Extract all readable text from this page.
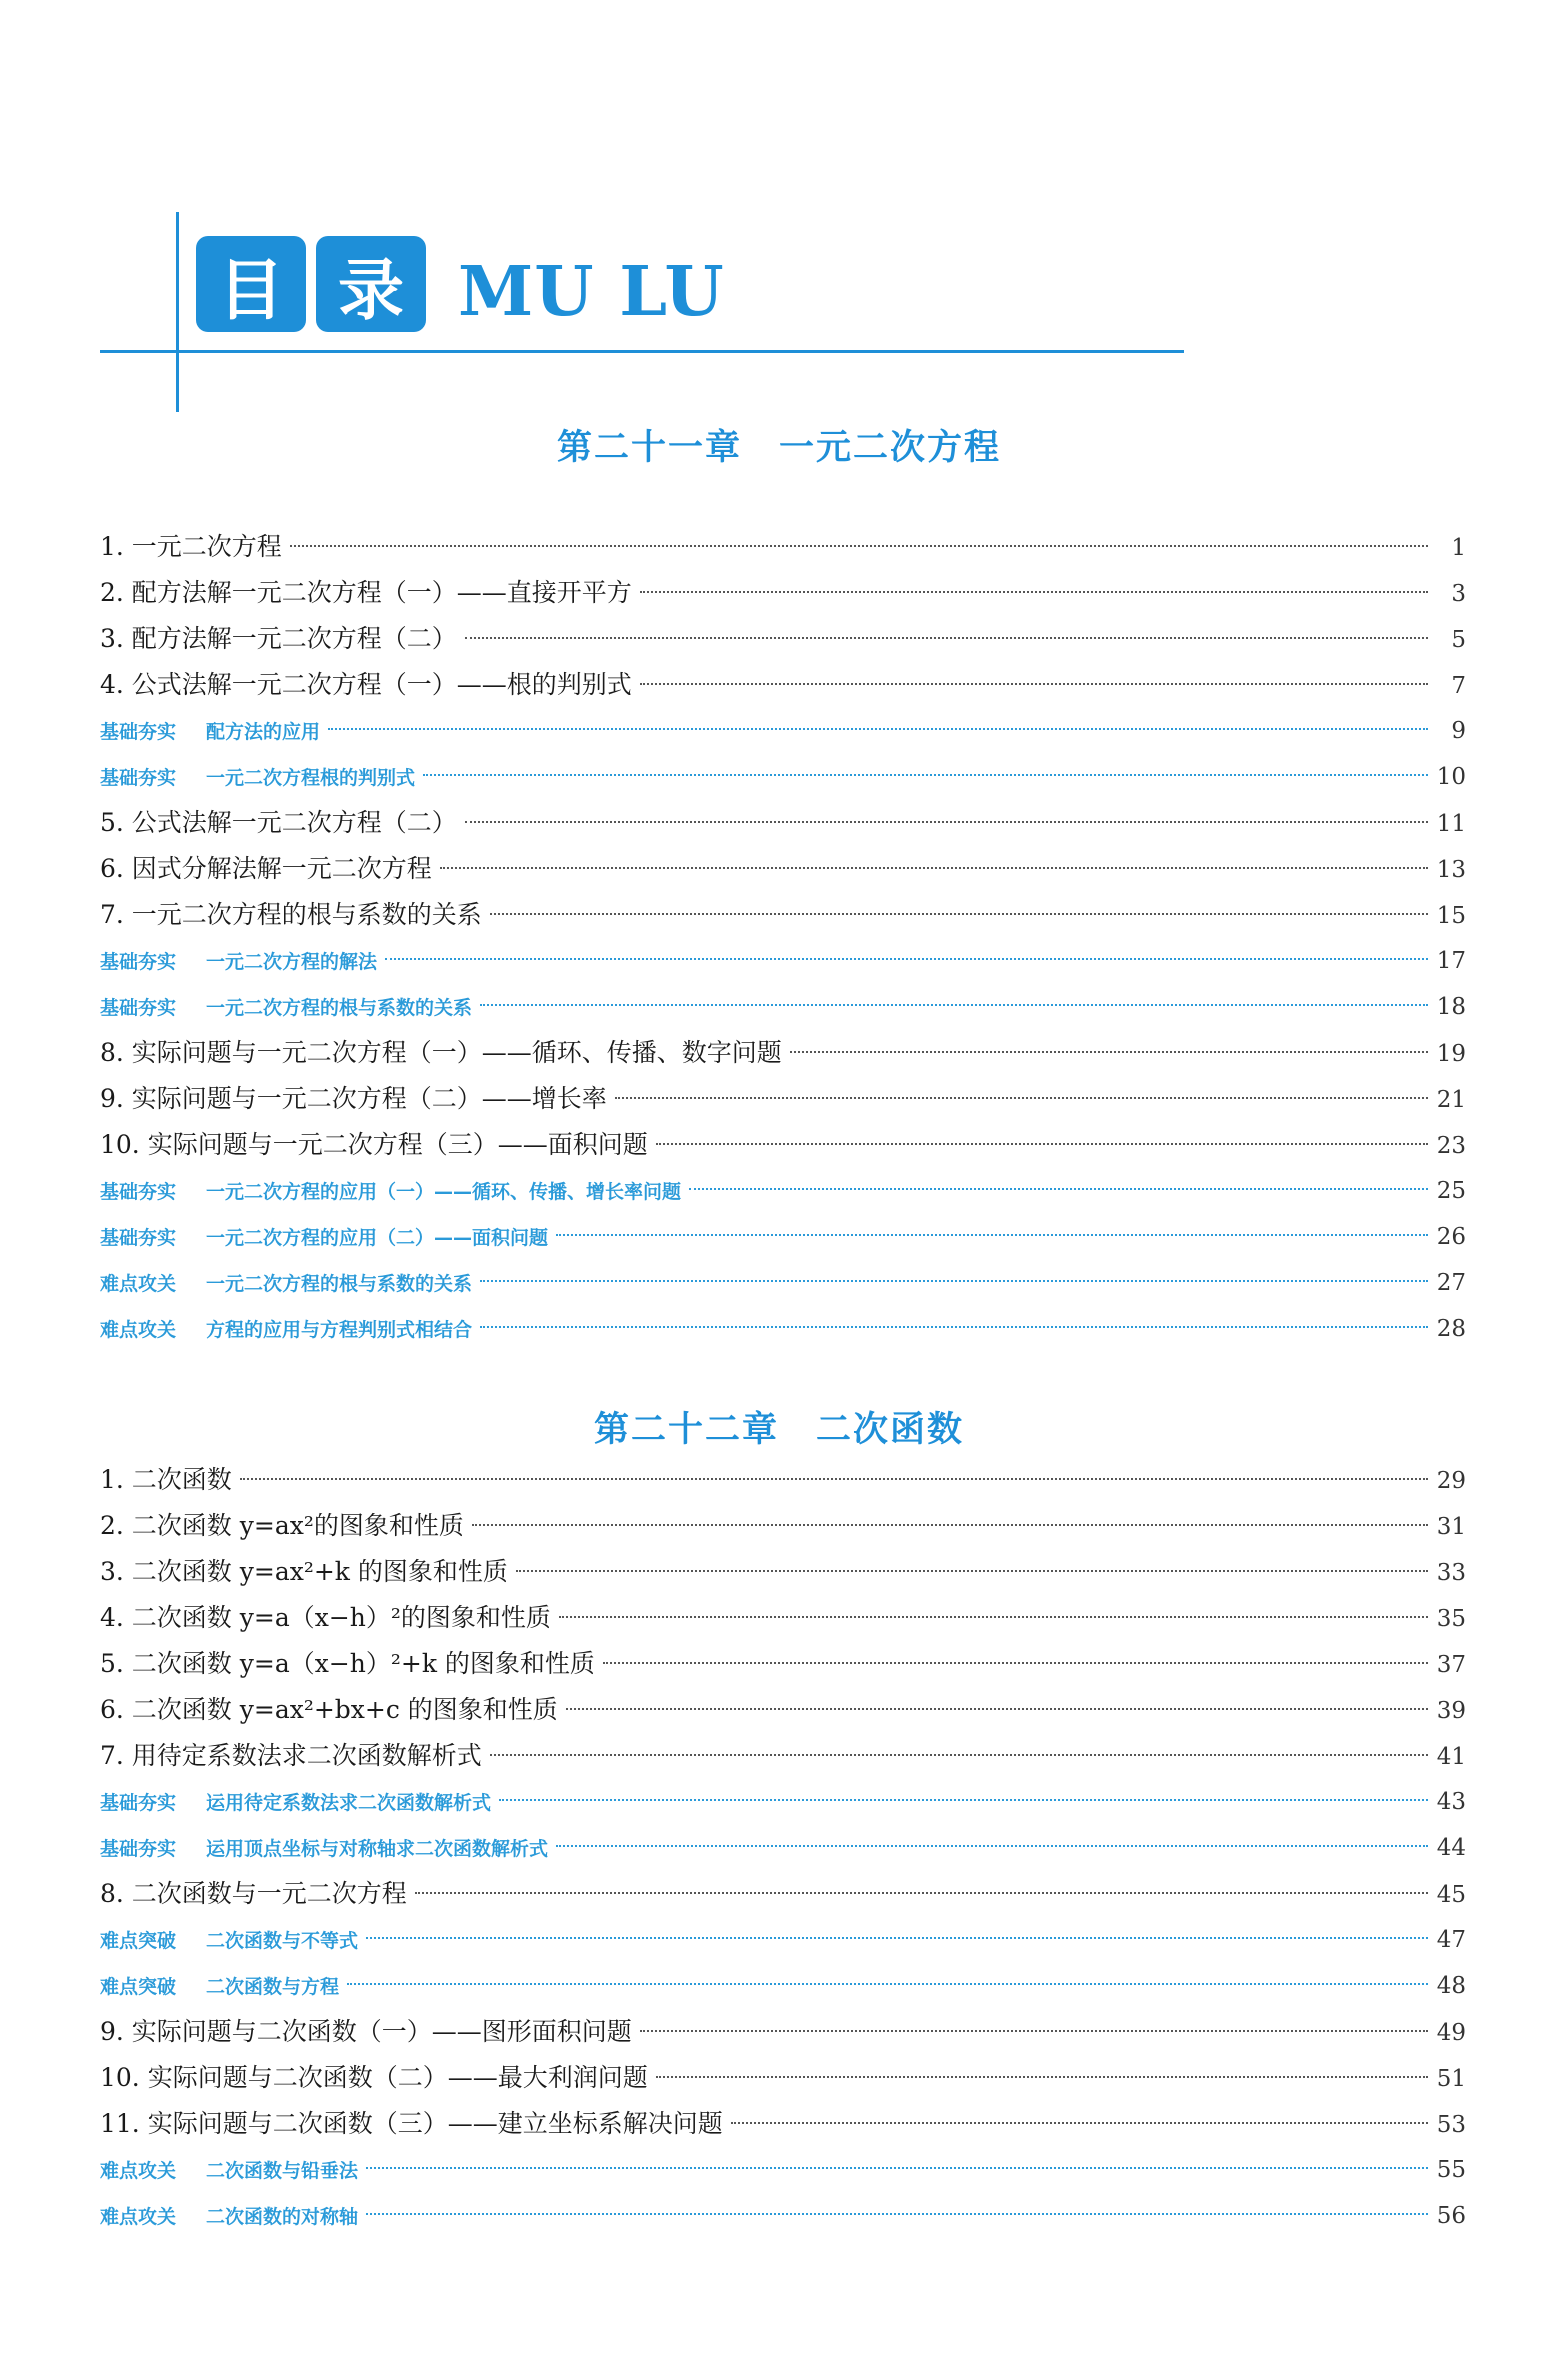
目 录 MU LU
第二十一章　一元二次方程
1. 一元二次方程	1
2. 配方法解一元二次方程（一）——直接开平方	3
3. 配方法解一元二次方程（二）	5
4. 公式法解一元二次方程（一）——根的判别式	7
基础夯实 配方法的应用	9
基础夯实 一元二次方程根的判别式	10
5. 公式法解一元二次方程（二）	11
6. 因式分解法解一元二次方程	13
7. 一元二次方程的根与系数的关系	15
基础夯实 一元二次方程的解法	17
基础夯实 一元二次方程的根与系数的关系	18
8. 实际问题与一元二次方程（一）——循环、传播、数字问题	19
9. 实际问题与一元二次方程（二）——增长率	21
10. 实际问题与一元二次方程（三）——面积问题	23
基础夯实 一元二次方程的应用（一）——循环、传播、增长率问题	25
基础夯实 一元二次方程的应用（二）——面积问题	26
难点攻关 一元二次方程的根与系数的关系	27
难点攻关 方程的应用与方程判别式相结合	28
第二十二章　二次函数
1. 二次函数	29
2. 二次函数 y=ax²的图象和性质	31
3. 二次函数 y=ax²+k 的图象和性质	33
4. 二次函数 y=a（x−h）²的图象和性质	35
5. 二次函数 y=a（x−h）²+k 的图象和性质	37
6. 二次函数 y=ax²+bx+c 的图象和性质	39
7. 用待定系数法求二次函数解析式	41
基础夯实 运用待定系数法求二次函数解析式	43
基础夯实 运用顶点坐标与对称轴求二次函数解析式	44
8. 二次函数与一元二次方程	45
难点突破 二次函数与不等式	47
难点突破 二次函数与方程	48
9. 实际问题与二次函数（一）——图形面积问题	49
10. 实际问题与二次函数（二）——最大利润问题	51
11. 实际问题与二次函数（三）——建立坐标系解决问题	53
难点攻关 二次函数与铅垂法	55
难点攻关 二次函数的对称轴	56
